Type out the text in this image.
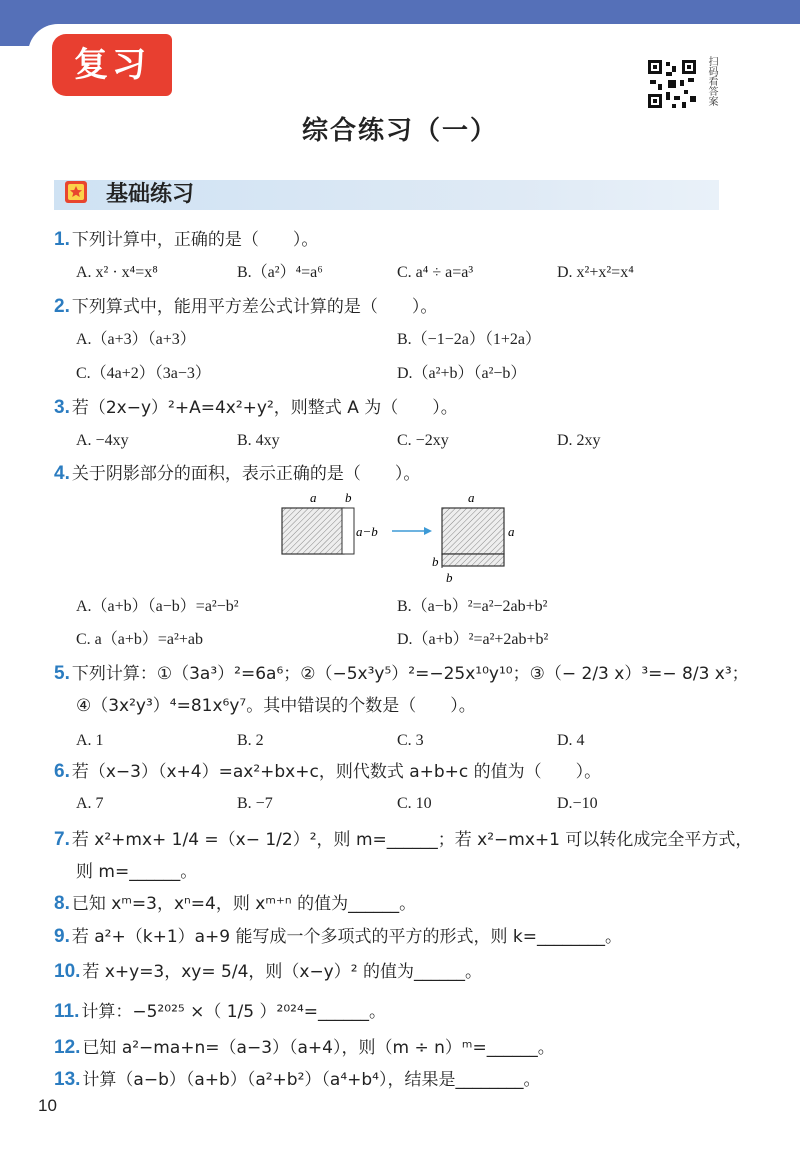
复习	扫码看答案
综合练习（一）
基础练习
1. 下列计算中，正确的是（　　）。
A. x² · x⁴=x⁸	B.（a²）⁴=a⁶	C. a⁴ ÷ a=a³	D. x²+x²=x⁴
2. 下列算式中，能用平方差公式计算的是（　　）。
A.（a+3）（a+3）	B.（−1−2a）（1+2a）
C.（4a+2）（3a−3）	D.（a²+b）（a²−b）
3. 若（2x−y）²+A=4x²+y²，则整式 A 为（　　）。
A. −4xy	B. 4xy	C. −2xy	D. 2xy
4. 关于阴影部分的面积，表示正确的是（　　）。
a b
a−b
a
a
b
b
A.（a+b）（a−b）=a²−b²	B.（a−b）²=a²−2ab+b²
C. a（a+b）=a²+ab	D.（a+b）²=a²+2ab+b²
5. 下列计算：①（3a³）²=6a⁶；②（−5x³y⁵）²=−25x¹⁰y¹⁰；③（− 2/3 x）³=− 8/3 x³；
④（3x²y³）⁴=81x⁶y⁷。其中错误的个数是（　　）。
A. 1	B. 2	C. 3	D. 4
6. 若（x−3）（x+4）=ax²+bx+c，则代数式 a+b+c 的值为（　　）。
A. 7	B. −7	C. 10	D.−10
7. 若 x²+mx+ 1/4 =（x− 1/2）²，则 m=______；若 x²−mx+1 可以转化成完全平方式，
则 m=______。
8. 已知 xᵐ=3，xⁿ=4，则 xᵐ⁺ⁿ 的值为______。
9. 若 a²+（k+1）a+9 能写成一个多项式的平方的形式，则 k=________。
10. 若 x+y=3，xy= 5/4，则（x−y）² 的值为______。
11. 计算：−5²⁰²⁵ ×（ 1/5 ）²⁰²⁴=______。
12. 已知 a²−ma+n=（a−3）（a+4），则（m ÷ n）ᵐ=______。
13. 计算（a−b）（a+b）（a²+b²）（a⁴+b⁴），结果是________。
10
